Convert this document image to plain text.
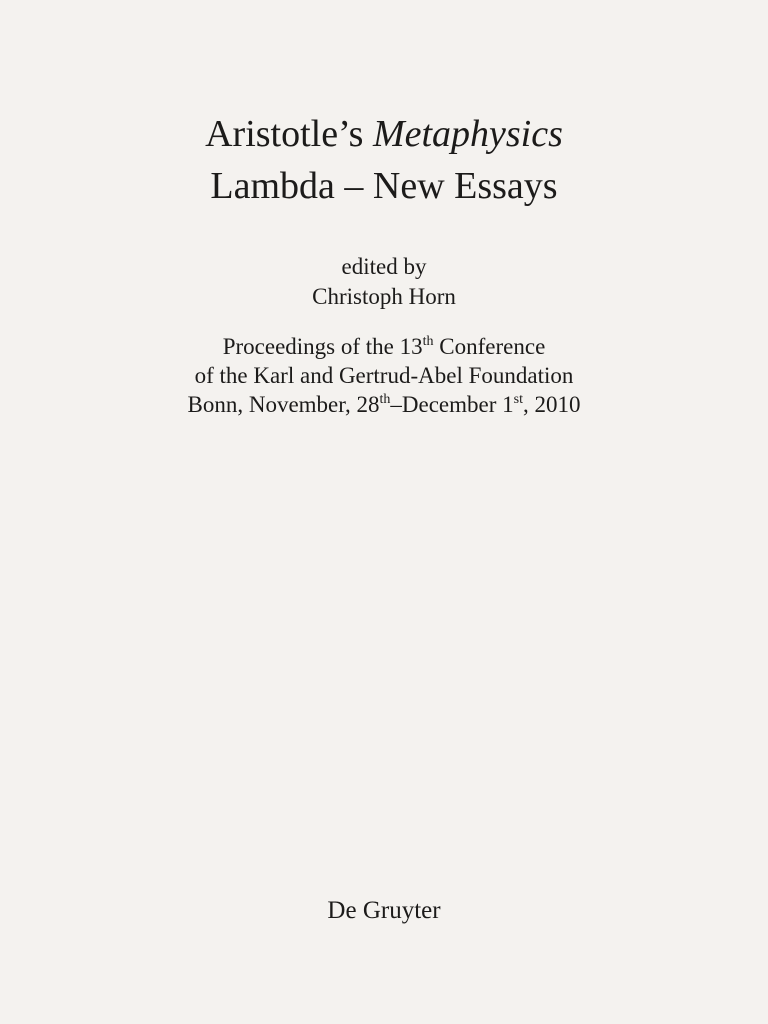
Aristotle’s Metaphysics
Lambda – New Essays
edited by
Christoph Horn
Proceedings of the 13th Conference
of the Karl and Gertrud-Abel Foundation
Bonn, November, 28th–December 1st, 2010
De Gruyter
